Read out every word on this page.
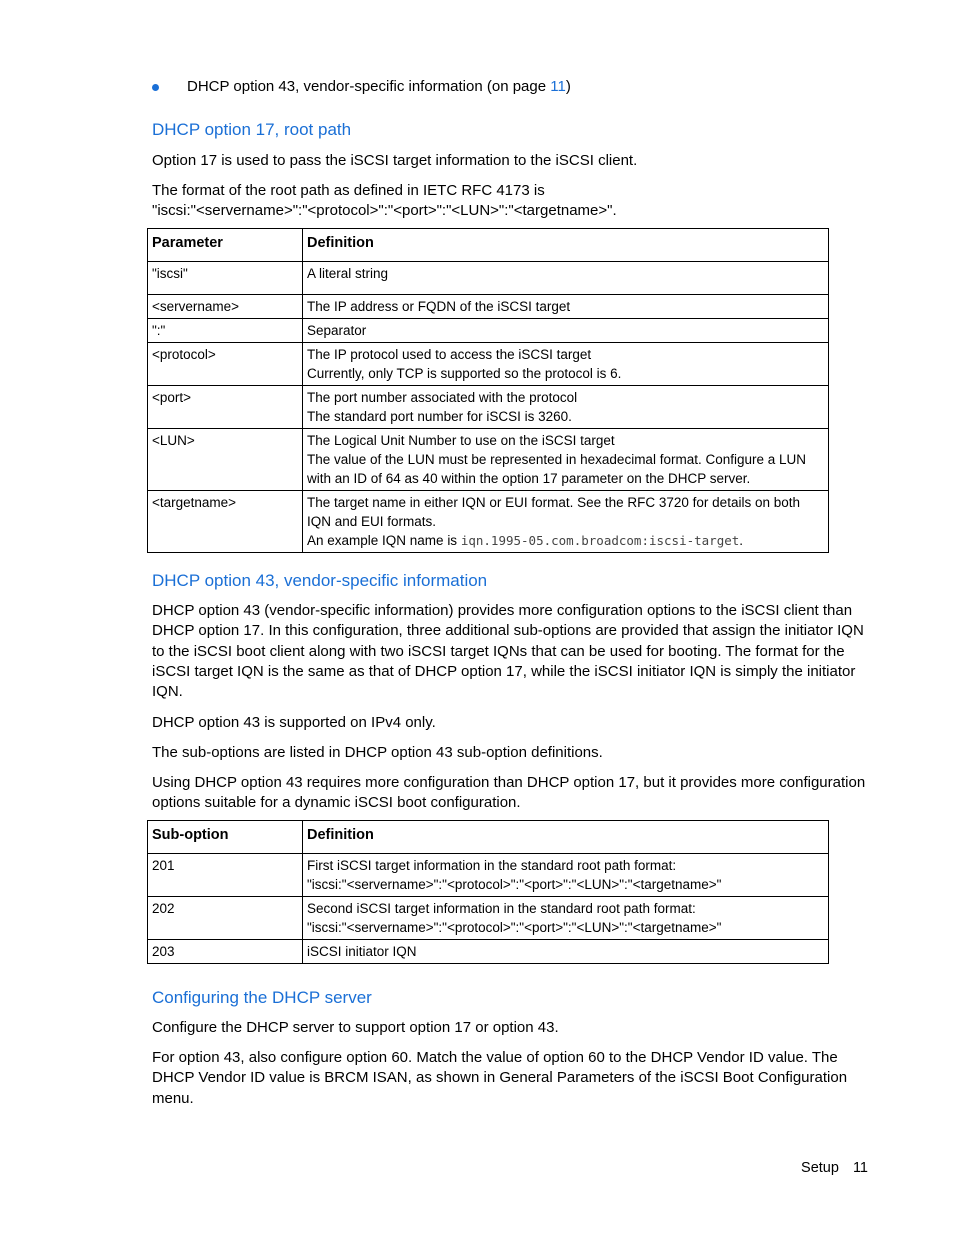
DHCP option 43, vendor-specific information (on page 11)
DHCP option 17, root path

Option 17 is used to pass the iSCSI target information to the iSCSI client.

The format of the root path as defined in IETC RFC 4173 is
"iscsi:"<servername>":"<protocol>":"<port>":"<LUN>":"<targetname>".

Parameter	Definition
"iscsi"	A literal string
<servername>	The IP address or FQDN of the iSCSI target
":"	Separator
<protocol>	The IP protocol used to access the iSCSI target
Currently, only TCP is supported so the protocol is 6.

<port>	The port number associated with the protocol
The standard port number for iSCSI is 3260.

<LUN>	The Logical Unit Number to use on the iSCSI target
The value of the LUN must be represented in hexadecimal format. Configure a LUN with an ID of 64 as 40 within the option 17 parameter on the DHCP server.

<targetname>	The target name in either IQN or EUI format. See the RFC 3720 for details on both IQN and EUI formats.
An example IQN name is iqn.1995-05.com.broadcom:iscsi-target.
DHCP option 43, vendor-specific information

DHCP option 43 (vendor-specific information) provides more configuration options to the iSCSI client than DHCP option 17. In this configuration, three additional sub-options are provided that assign the initiator IQN to the iSCSI boot client along with two iSCSI target IQNs that can be used for booting. The format for the iSCSI target IQN is the same as that of DHCP option 17, while the iSCSI initiator IQN is simply the initiator IQN.

DHCP option 43 is supported on IPv4 only.

The sub-options are listed in DHCP option 43 sub-option definitions.

Using DHCP option 43 requires more configuration than DHCP option 17, but it provides more configuration options suitable for a dynamic iSCSI boot configuration.

Sub-option	Definition
201	First iSCSI target information in the standard root path format:
"iscsi:"<servername>":"<protocol>":"<port>":"<LUN>":"<targetname>"

202	Second iSCSI target information in the standard root path format:
"iscsi:"<servername>":"<protocol>":"<port>":"<LUN>":"<targetname>"

203	iSCSI initiator IQN
Configuring the DHCP server

Configure the DHCP server to support option 17 or option 43.

For option 43, also configure option 60. Match the value of option 60 to the DHCP Vendor ID value. The DHCP Vendor ID value is BRCM ISAN, as shown in General Parameters of the iSCSI Boot Configuration menu.

Setup 11
